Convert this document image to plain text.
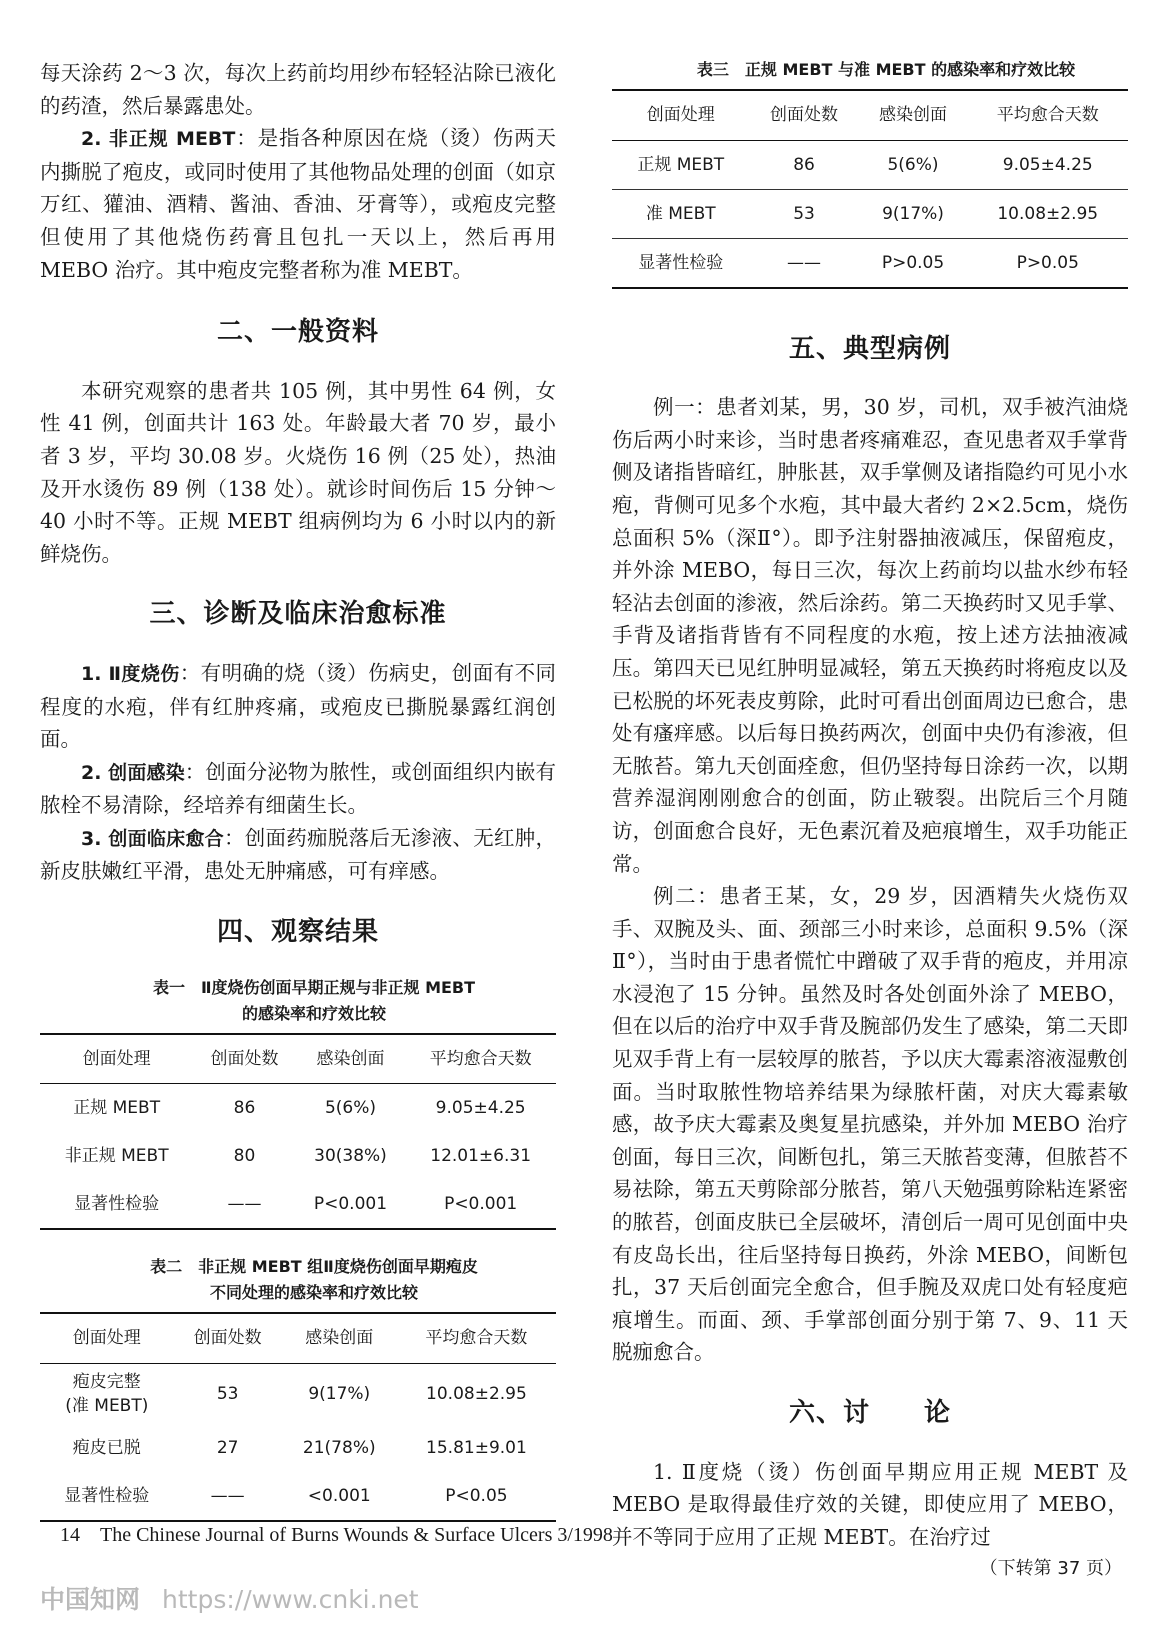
每天涂药 2～3 次，每次上药前均用纱布轻轻沾除已液化的药渣，然后暴露患处。

2. 非正规 MEBT：是指各种原因在烧（烫）伤两天内撕脱了疱皮，或同时使用了其他物品处理的创面（如京万红、獾油、酒精、酱油、香油、牙膏等），或疱皮完整但使用了其他烧伤药膏且包扎一天以上，然后再用 MEBO 治疗。其中疱皮完整者称为准 MEBT。

二、一般资料

本研究观察的患者共 105 例，其中男性 64 例，女性 41 例，创面共计 163 处。年龄最大者 70 岁，最小者 3 岁，平均 30.08 岁。火烧伤 16 例（25 处），热油及开水烫伤 89 例（138 处）。就诊时间伤后 15 分钟～40 小时不等。正规 MEBT 组病例均为 6 小时以内的新鲜烧伤。

三、诊断及临床治愈标准

1. Ⅱ度烧伤：有明确的烧（烫）伤病史，创面有不同程度的水疱，伴有红肿疼痛，或疱皮已撕脱暴露红润创面。

2. 创面感染：创面分泌物为脓性，或创面组织内嵌有脓栓不易清除，经培养有细菌生长。

3. 创面临床愈合：创面药痂脱落后无渗液、无红肿，新皮肤嫩红平滑，患处无肿痛感，可有痒感。

四、观察结果

表一　Ⅱ度烧伤创面早期正规与非正规 MEBT

的感染率和疗效比较

创面处理	创面处数	感染创面	平均愈合天数
正规 MEBT	86	5(6%)	9.05±4.25
非正规 MEBT	80	30(38%)	12.01±6.31
显著性检验	——	P<0.001	P<0.001

表二　非正规 MEBT 组Ⅱ度烧伤创面早期疱皮

不同处理的感染率和疗效比较

创面处理	创面处数	感染创面	平均愈合天数
疱皮完整
(准 MEBT)	53	9(17%)	10.08±2.95
疱皮已脱	27	21(78%)	15.81±9.01
显著性检验	——	<0.001	P<0.05

表三　正规 MEBT 与准 MEBT 的感染率和疗效比较

创面处理	创面处数	感染创面	平均愈合天数
正规 MEBT	86	5(6%)	9.05±4.25
准 MEBT	53	9(17%)	10.08±2.95
显著性检验	——	P>0.05	P>0.05
五、典型病例

例一：患者刘某，男，30 岁，司机，双手被汽油烧伤后两小时来诊，当时患者疼痛难忍，查见患者双手掌背侧及诸指皆暗红，肿胀甚，双手掌侧及诸指隐约可见小水疱，背侧可见多个水疱，其中最大者约 2×2.5cm，烧伤总面积 5%（深Ⅱ°）。即予注射器抽液减压，保留疱皮，并外涂 MEBO，每日三次，每次上药前均以盐水纱布轻轻沾去创面的渗液，然后涂药。第二天换药时又见手掌、手背及诸指背皆有不同程度的水疱，按上述方法抽液减压。第四天已见红肿明显减轻，第五天换药时将疱皮以及已松脱的坏死表皮剪除，此时可看出创面周边已愈合，患处有瘙痒感。以后每日换药两次，创面中央仍有渗液，但无脓苔。第九天创面痊愈，但仍坚持每日涂药一次，以期营养湿润刚刚愈合的创面，防止皲裂。出院后三个月随访，创面愈合良好，无色素沉着及疤痕增生，双手功能正常。

例二：患者王某，女，29 岁，因酒精失火烧伤双手、双腕及头、面、颈部三小时来诊，总面积 9.5%（深Ⅱ°），当时由于患者慌忙中蹭破了双手背的疱皮，并用凉水浸泡了 15 分钟。虽然及时各处创面外涂了 MEBO，但在以后的治疗中双手背及腕部仍发生了感染，第二天即见双手背上有一层较厚的脓苔，予以庆大霉素溶液湿敷创面。当时取脓性物培养结果为绿脓杆菌，对庆大霉素敏感，故予庆大霉素及奥复星抗感染，并外加 MEBO 治疗创面，每日三次，间断包扎，第三天脓苔变薄，但脓苔不易祛除，第五天剪除部分脓苔，第八天勉强剪除粘连紧密的脓苔，创面皮肤已全层破坏，清创后一周可见创面中央有皮岛长出，往后坚持每日换药，外涂 MEBO，间断包扎，37 天后创面完全愈合，但手腕及双虎口处有轻度疤痕增生。而面、颈、手掌部创面分别于第 7、9、11 天脱痂愈合。

六、讨　　论

1. Ⅱ度烧（烫）伤创面早期应用正规 MEBT 及 MEBO 是取得最佳疗效的关键，即使应用了 MEBO，并不等同于应用了正规 MEBT。在治疗过

（下转第 37 页）
14　The Chinese Journal of Burns Wounds & Surface Ulcers 3/1998
中国知网 https://www.cnki.net
